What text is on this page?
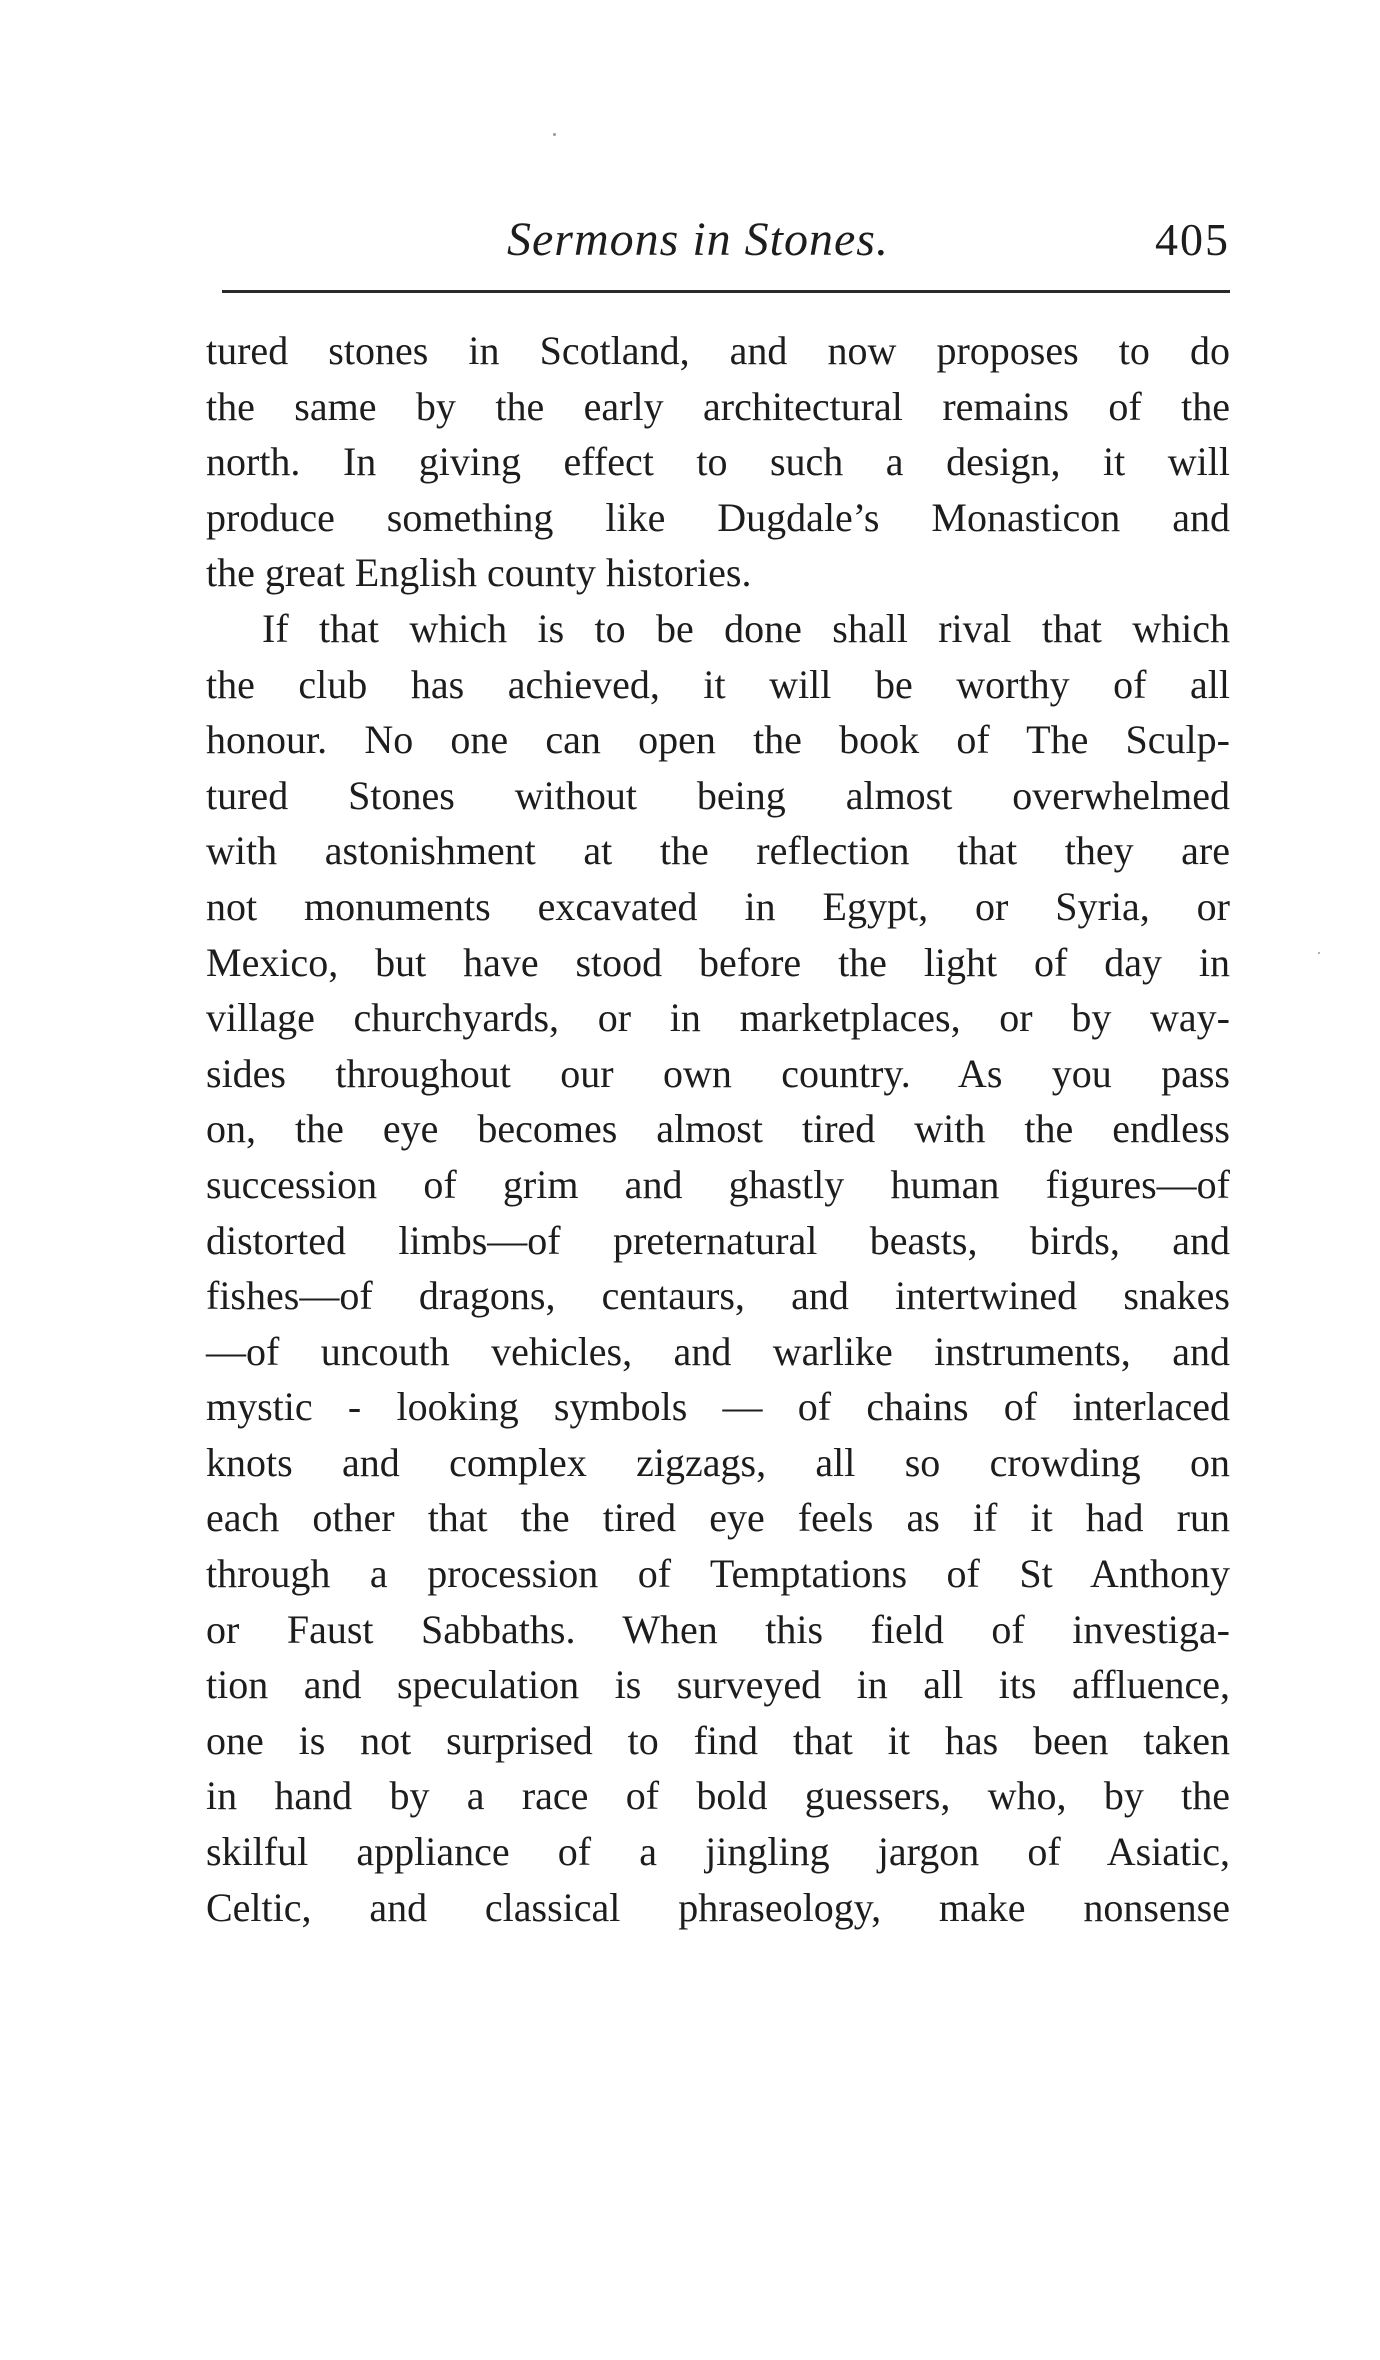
Sermons in Stones.	405
tured stones in Scotland, and now proposes to do
the same by the early architectural remains of the
north. In giving effect to such a design, it will
produce something like Dugdale’s Monasticon and
the great English county histories.
If that which is to be done shall rival that which
the club has achieved, it will be worthy of all
honour. No one can open the book of The Sculp-
tured Stones without being almost overwhelmed
with astonishment at the reflection that they are
not monuments excavated in Egypt, or Syria, or
Mexico, but have stood before the light of day in
village churchyards, or in marketplaces, or by way-
sides throughout our own country. As you pass
on, the eye becomes almost tired with the endless
succession of grim and ghastly human figures—of
distorted limbs—of preternatural beasts, birds, and
fishes—of dragons, centaurs, and intertwined snakes
—of uncouth vehicles, and warlike instruments, and
mystic - looking symbols — of chains of interlaced
knots and complex zigzags, all so crowding on
each other that the tired eye feels as if it had run
through a procession of Temptations of St Anthony
or Faust Sabbaths. When this field of investiga-
tion and speculation is surveyed in all its affluence,
one is not surprised to find that it has been taken
in hand by a race of bold guessers, who, by the
skilful appliance of a jingling jargon of Asiatic,
Celtic, and classical phraseology, make nonsense
